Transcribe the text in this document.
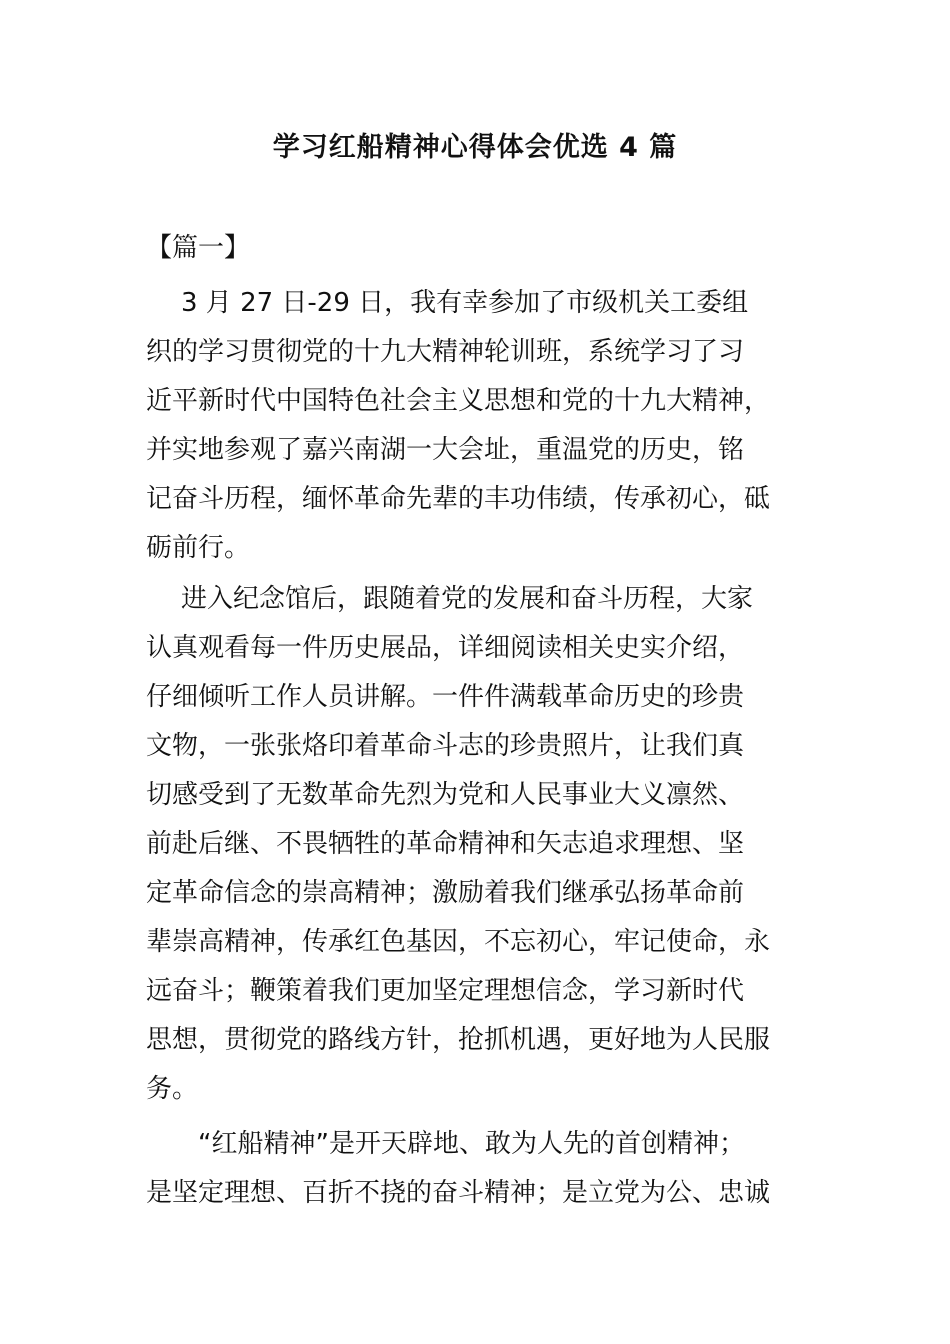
学习红船精神心得体会优选 4 篇
【篇一】
3 月 27 日-29 日，我有幸参加了市级机关工委组
织的学习贯彻党的十九大精神轮训班，系统学习了习
近平新时代中国特色社会主义思想和党的十九大精神，
并实地参观了嘉兴南湖一大会址，重温党的历史，铭
记奋斗历程，缅怀革命先辈的丰功伟绩，传承初心，砥
砺前行。
进入纪念馆后，跟随着党的发展和奋斗历程，大家
认真观看每一件历史展品，详细阅读相关史实介绍，
仔细倾听工作人员讲解。一件件满载革命历史的珍贵
文物，一张张烙印着革命斗志的珍贵照片，让我们真
切感受到了无数革命先烈为党和人民事业大义凛然、
前赴后继、不畏牺牲的革命精神和矢志追求理想、坚
定革命信念的崇高精神；激励着我们继承弘扬革命前
辈崇高精神，传承红色基因，不忘初心，牢记使命，永
远奋斗；鞭策着我们更加坚定理想信念，学习新时代
思想，贯彻党的路线方针，抢抓机遇，更好地为人民服
务。
“红船精神”是开天辟地、敢为人先的首创精神；
是坚定理想、百折不挠的奋斗精神；是立党为公、忠诚
